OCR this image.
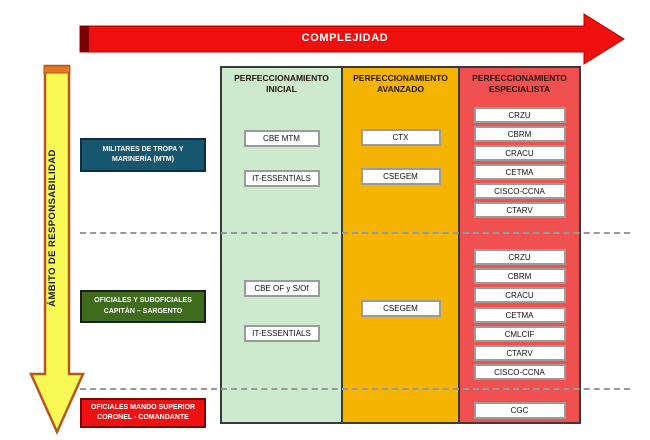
COMPLEJIDAD
ÁMBITO DE RESPONSABILIDAD
MILITARES DE TROPA Y MARINERÍA (MTM)
OFICIALES Y SUBOFICIALES CAPITÁN – SARGENTO
OFICIALES MANDO SUPERIOR CORONEL - COMANDANTE
PERFECCIONAMIENTO INICIAL
CBE MTM
IT-ESSENTIALS
CBE OF y S/Of
IT-ESSENTIALS
PERFECCIONAMIENTO AVANZADO
CTX
CSEGEM
CSEGEM
PERFECCIONAMIENTO ESPECIALISTA
CRZU
CBRM
CRACU
CETMA
CISCO-CCNA
CTARV
CRZU
CBRM
CRACU
CETMA
CMLCIF
CTARV
CISCO-CCNA
CGC
